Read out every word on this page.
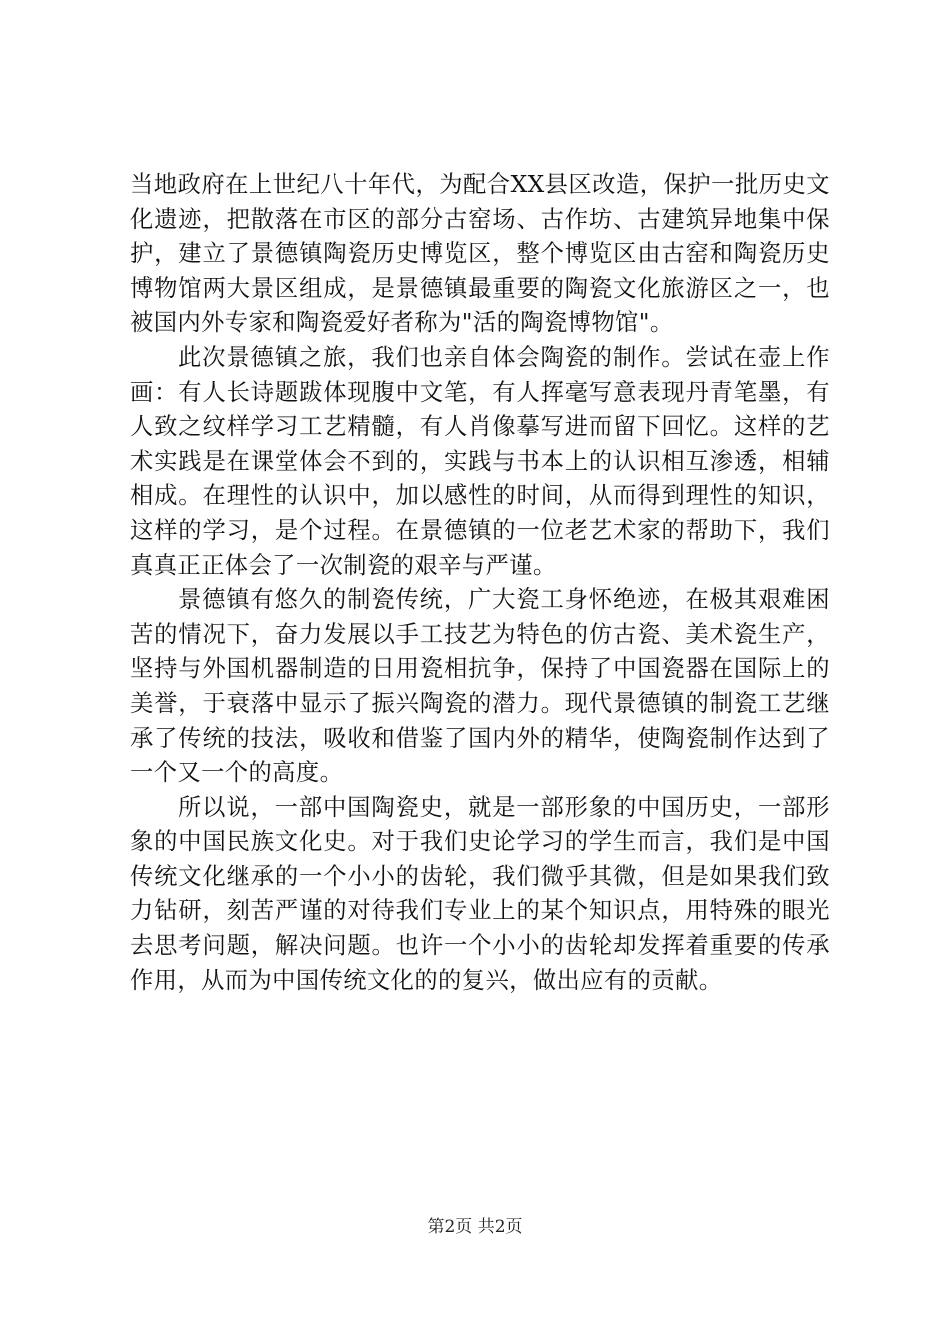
当地政府在上世纪八十年代，为配合XX县区改造，保护一批历史文化遗迹，把散落在市区的部分古窑场、古作坊、古建筑异地集中保护，建立了景德镇陶瓷历史博览区，整个博览区由古窑和陶瓷历史博物馆两大景区组成，是景德镇最重要的陶瓷文化旅游区之一，也被国内外专家和陶瓷爱好者称为"活的陶瓷博物馆"。

此次景德镇之旅，我们也亲自体会陶瓷的制作。尝试在壶上作画：有人长诗题跋体现腹中文笔，有人挥毫写意表现丹青笔墨，有人致之纹样学习工艺精髓，有人肖像摹写进而留下回忆。这样的艺术实践是在课堂体会不到的，实践与书本上的认识相互渗透，相辅相成。在理性的认识中，加以感性的时间，从而得到理性的知识，这样的学习，是个过程。在景德镇的一位老艺术家的帮助下，我们真真正正体会了一次制瓷的艰辛与严谨。

景德镇有悠久的制瓷传统，广大瓷工身怀绝迹，在极其艰难困苦的情况下，奋力发展以手工技艺为特色的仿古瓷、美术瓷生产，坚持与外国机器制造的日用瓷相抗争，保持了中国瓷器在国际上的美誉，于衰落中显示了振兴陶瓷的潜力。现代景德镇的制瓷工艺继承了传统的技法，吸收和借鉴了国内外的精华，使陶瓷制作达到了一个又一个的高度。

所以说，一部中国陶瓷史，就是一部形象的中国历史，一部形象的中国民族文化史。对于我们史论学习的学生而言，我们是中国传统文化继承的一个小小的齿轮，我们微乎其微，但是如果我们致力钻研，刻苦严谨的对待我们专业上的某个知识点，用特殊的眼光去思考问题，解决问题。也许一个小小的齿轮却发挥着重要的传承作用，从而为中国传统文化的的复兴，做出应有的贡献。

第2页 共2页
